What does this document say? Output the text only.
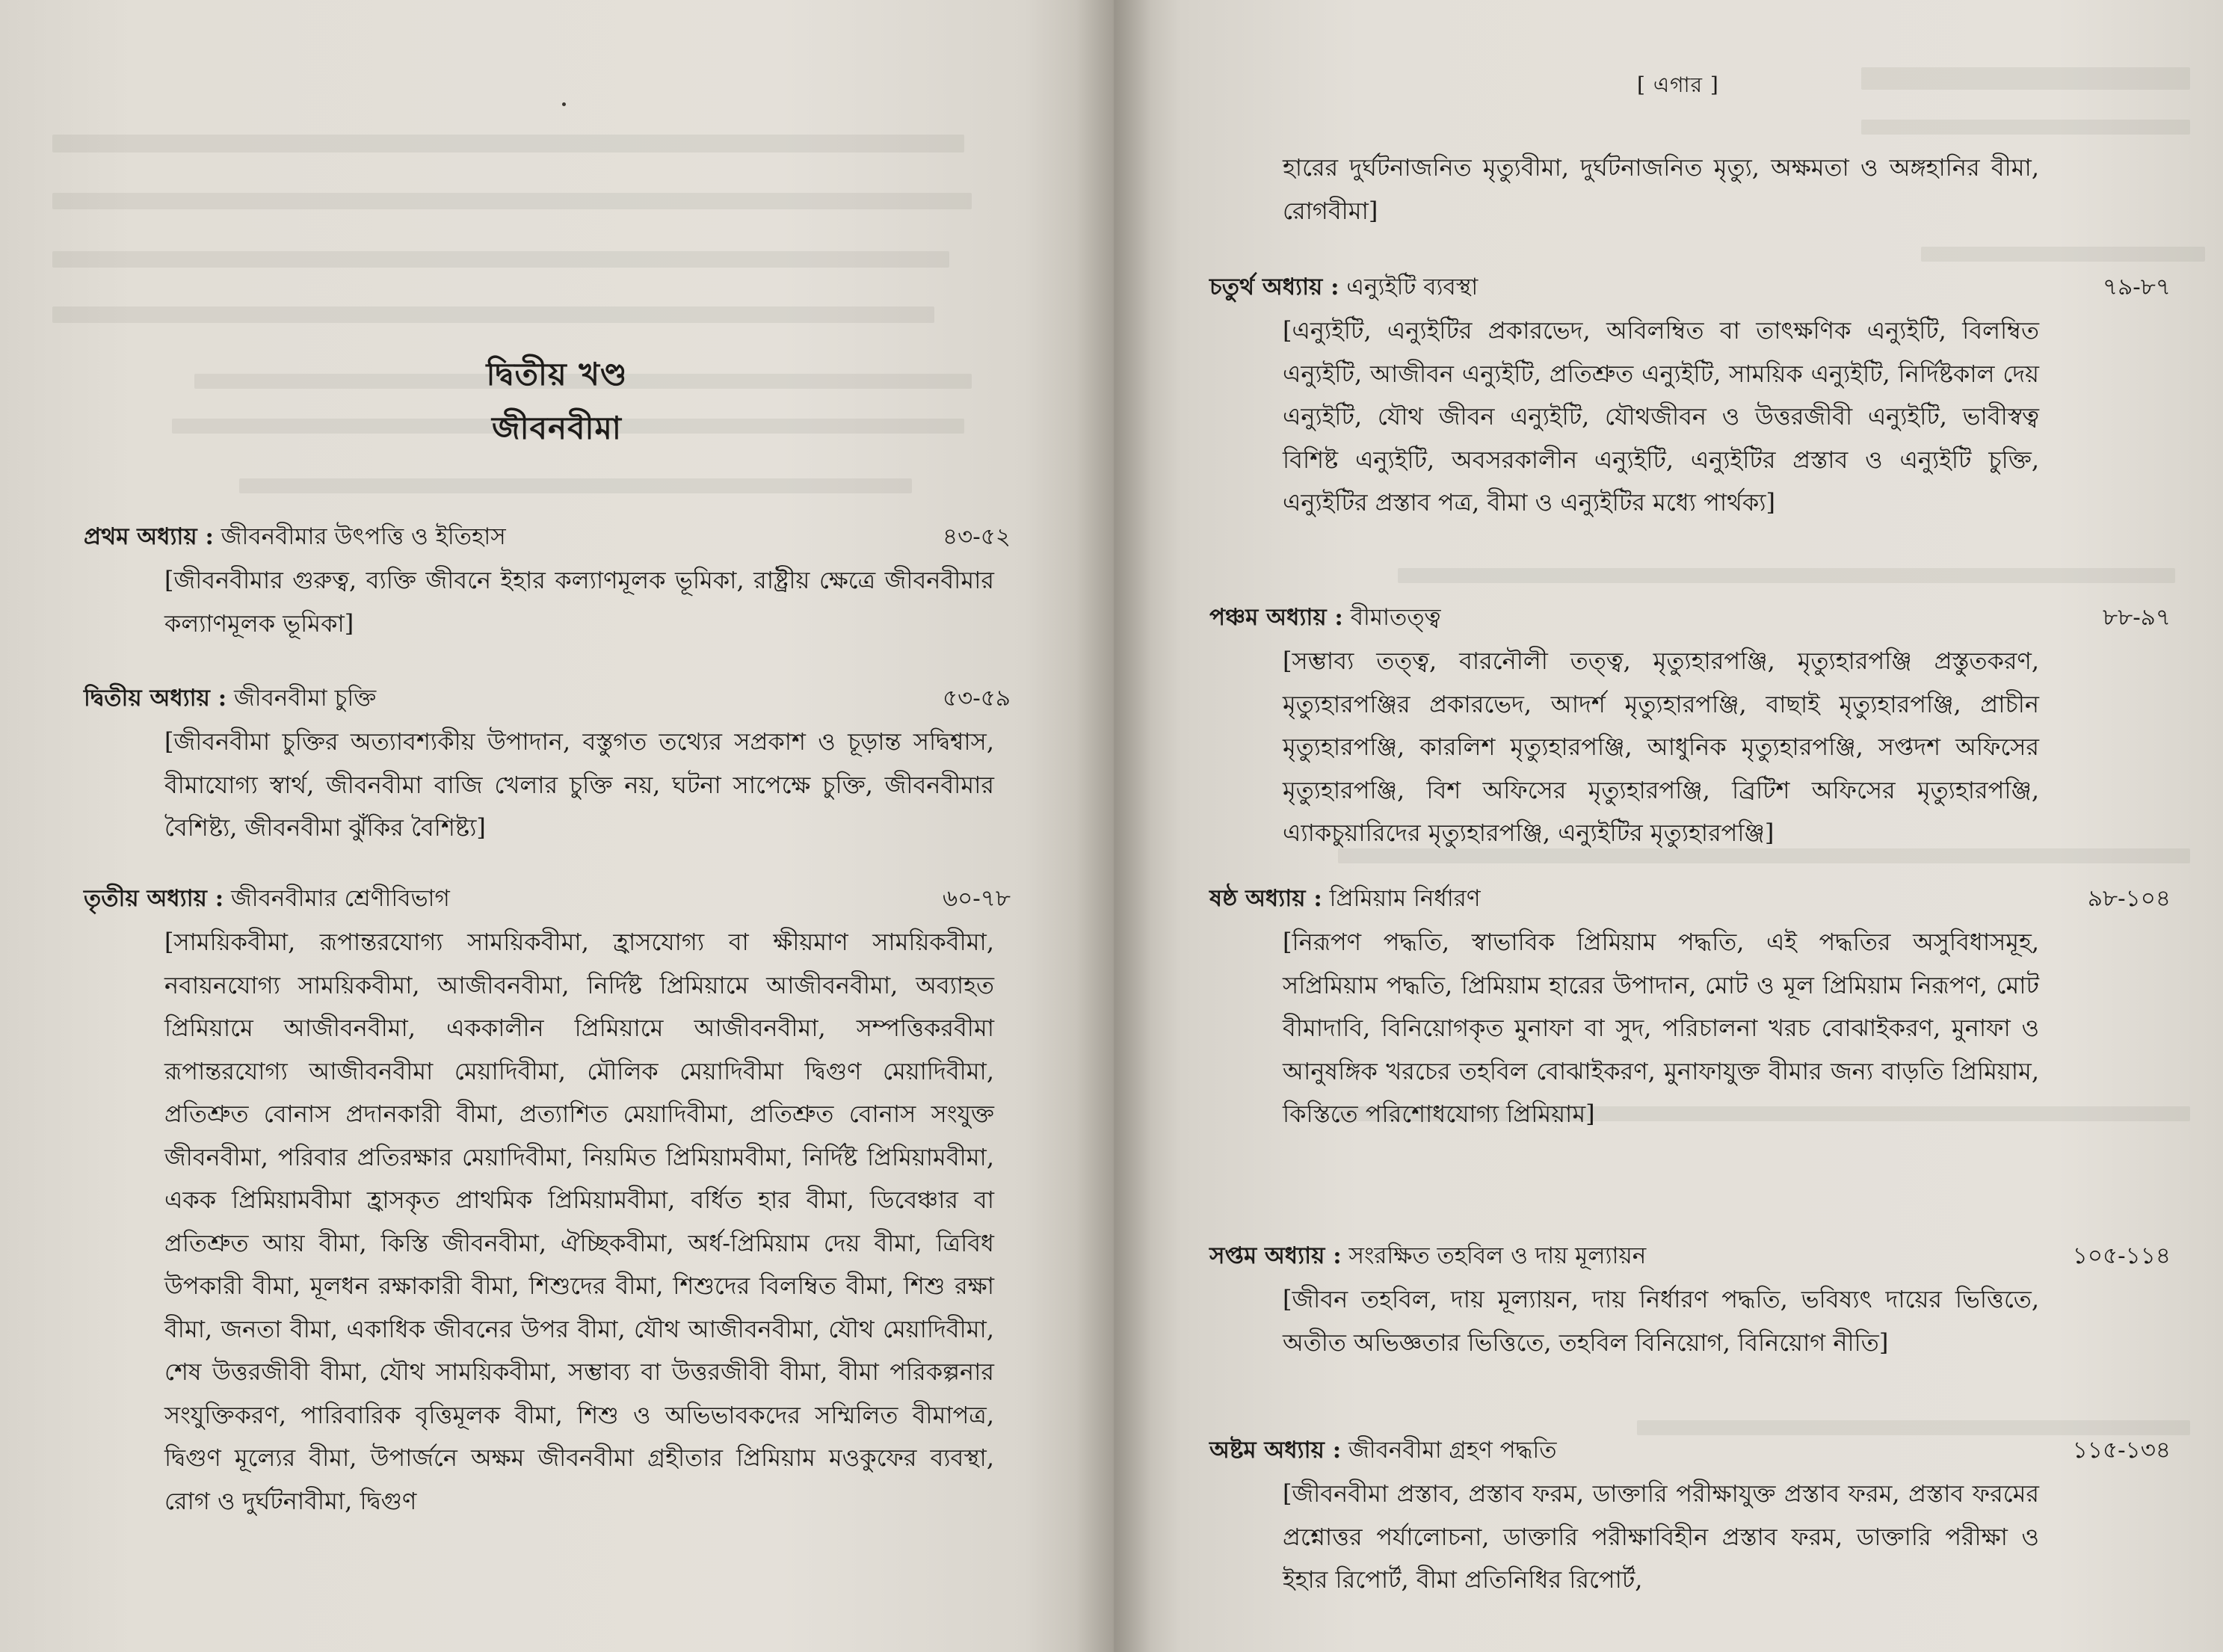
দ্বিতীয় খণ্ড
জীবনবীমা
প্রথম অধ্যায় : জীবনবীমার উৎপত্তি ও ইতিহাস	৪৩-৫২
[জীবনবীমার গুরুত্ব, ব্যক্তি জীবনে ইহার কল্যাণমূলক ভূমিকা, রাষ্ট্রীয় ক্ষেত্রে জীবনবীমার কল্যাণমূলক ভূমিকা]
দ্বিতীয় অধ্যায় : জীবনবীমা চুক্তি	৫৩-৫৯
[জীবনবীমা চুক্তির অত্যাবশ্যকীয় উপাদান, বস্তুগত তথ্যের সপ্রকাশ ও চূড়ান্ত সদ্বিশ্বাস, বীমাযোগ্য স্বার্থ, জীবনবীমা বাজি খেলার চুক্তি নয়, ঘটনা সাপেক্ষে চুক্তি, জীবনবীমার বৈশিষ্ট্য, জীবনবীমা ঝুঁকির বৈশিষ্ট্য]
তৃতীয় অধ্যায় : জীবনবীমার শ্রেণীবিভাগ	৬০-৭৮
[সাময়িকবীমা, রূপান্তরযোগ্য সাময়িকবীমা, হ্রাসযোগ্য বা ক্ষীয়মাণ সাময়িকবীমা, নবায়নযোগ্য সাময়িকবীমা, আজীবনবীমা, নির্দিষ্ট প্রিমিয়ামে আজীবনবীমা, অব্যাহত প্রিমিয়ামে আজীবনবীমা, এককালীন প্রিমিয়ামে আজীবনবীমা, সম্পত্তিকরবীমা রূপান্তরযোগ্য আজীবনবীমা মেয়াদিবীমা, মৌলিক মেয়াদিবীমা দ্বিগুণ মেয়াদিবীমা, প্রতিশ্রুত বোনাস প্রদানকারী বীমা, প্রত্যাশিত মেয়াদিবীমা, প্রতিশ্রুত বোনাস সংযুক্ত জীবনবীমা, পরিবার প্রতিরক্ষার মেয়াদিবীমা, নিয়মিত প্রিমিয়ামবীমা, নির্দিষ্ট প্রিমিয়ামবীমা, একক প্রিমিয়ামবীমা হ্রাসকৃত প্রাথমিক প্রিমিয়ামবীমা, বর্ধিত হার বীমা, ডিবেঞ্চার বা প্রতিশ্রুত আয় বীমা, কিস্তি জীবনবীমা, ঐচ্ছিকবীমা, অর্ধ-প্রিমিয়াম দেয় বীমা, ত্রিবিধ উপকারী বীমা, মূলধন রক্ষাকারী বীমা, শিশুদের বীমা, শিশুদের বিলম্বিত বীমা, শিশু রক্ষা বীমা, জনতা বীমা, একাধিক জীবনের উপর বীমা, যৌথ আজীবনবীমা, যৌথ মেয়াদিবীমা, শেষ উত্তরজীবী বীমা, যৌথ সাময়িকবীমা, সম্ভাব্য বা উত্তরজীবী বীমা, বীমা পরিকল্পনার সংযুক্তিকরণ, পারিবারিক বৃত্তিমূলক বীমা, শিশু ও অভিভাবকদের সম্মিলিত বীমাপত্র, দ্বিগুণ মূল্যের বীমা, উপার্জনে অক্ষম জীবনবীমা গ্রহীতার প্রিমিয়াম মওকুফের ব্যবস্থা, রোগ ও দুর্ঘটনাবীমা, দ্বিগুণ
[ এগার ]
হারের দুর্ঘটনাজনিত মৃত্যুবীমা, দুর্ঘটনাজনিত মৃত্যু, অক্ষমতা ও অঙ্গহানির বীমা, রোগবীমা]
চতুর্থ অধ্যায় : এন্যুইটি ব্যবস্থা	৭৯-৮৭
[এন্যুইটি, এন্যুইটির প্রকারভেদ, অবিলম্বিত বা তাৎক্ষণিক এন্যুইটি, বিলম্বিত এন্যুইটি, আজীবন এন্যুইটি, প্রতিশ্রুত এন্যুইটি, সাময়িক এন্যুইটি, নির্দিষ্টকাল দেয় এন্যুইটি, যৌথ জীবন এন্যুইটি, যৌথজীবন ও উত্তরজীবী এন্যুইটি, ভাবীস্বত্ব বিশিষ্ট এন্যুইটি, অবসরকালীন এন্যুইটি, এন্যুইটির প্রস্তাব ও এন্যুইটি চুক্তি, এন্যুইটির প্রস্তাব পত্র, বীমা ও এন্যুইটির মধ্যে পার্থক্য]
পঞ্চম অধ্যায় : বীমাতত্ত্ব	৮৮-৯৭
[সম্ভাব্য তত্ত্ব, বারনৌলী তত্ত্ব, মৃত্যুহারপঞ্জি, মৃত্যুহারপঞ্জি প্রস্তুতকরণ, মৃত্যুহারপঞ্জির প্রকারভেদ, আদর্শ মৃত্যুহারপঞ্জি, বাছাই মৃত্যুহারপঞ্জি, প্রাচীন মৃত্যুহারপঞ্জি, কারলিশ মৃত্যুহারপঞ্জি, আধুনিক মৃত্যুহারপঞ্জি, সপ্তদশ অফিসের মৃত্যুহারপঞ্জি, বিশ অফিসের মৃত্যুহারপঞ্জি, ব্রিটিশ অফিসের মৃত্যুহারপঞ্জি, এ্যাকচুয়ারিদের মৃত্যুহারপঞ্জি, এন্যুইটির মৃত্যুহারপঞ্জি]
ষষ্ঠ অধ্যায় : প্রিমিয়াম নির্ধারণ	৯৮-১০৪
[নিরূপণ পদ্ধতি, স্বাভাবিক প্রিমিয়াম পদ্ধতি, এই পদ্ধতির অসুবিধাসমূহ, সপ্রিমিয়াম পদ্ধতি, প্রিমিয়াম হারের উপাদান, মোট ও মূল প্রিমিয়াম নিরূপণ, মোট বীমাদাবি, বিনিয়োগকৃত মুনাফা বা সুদ, পরিচালনা খরচ বোঝাইকরণ, মুনাফা ও আনুষঙ্গিক খরচের তহবিল বোঝাইকরণ, মুনাফাযুক্ত বীমার জন্য বাড়তি প্রিমিয়াম, কিস্তিতে পরিশোধযোগ্য প্রিমিয়াম]
সপ্তম অধ্যায় : সংরক্ষিত তহবিল ও দায় মূল্যায়ন	১০৫-১১৪
[জীবন তহবিল, দায় মূল্যায়ন, দায় নির্ধারণ পদ্ধতি, ভবিষ্যৎ দায়ের ভিত্তিতে, অতীত অভিজ্ঞতার ভিত্তিতে, তহবিল বিনিয়োগ, বিনিয়োগ নীতি]
অষ্টম অধ্যায় : জীবনবীমা গ্রহণ পদ্ধতি	১১৫-১৩৪
[জীবনবীমা প্রস্তাব, প্রস্তাব ফরম, ডাক্তারি পরীক্ষাযুক্ত প্রস্তাব ফরম, প্রস্তাব ফরমের প্রশ্নোত্তর পর্যালোচনা, ডাক্তারি পরীক্ষাবিহীন প্রস্তাব ফরম, ডাক্তারি পরীক্ষা ও ইহার রিপোর্ট, বীমা প্রতিনিধির রিপোর্ট,
